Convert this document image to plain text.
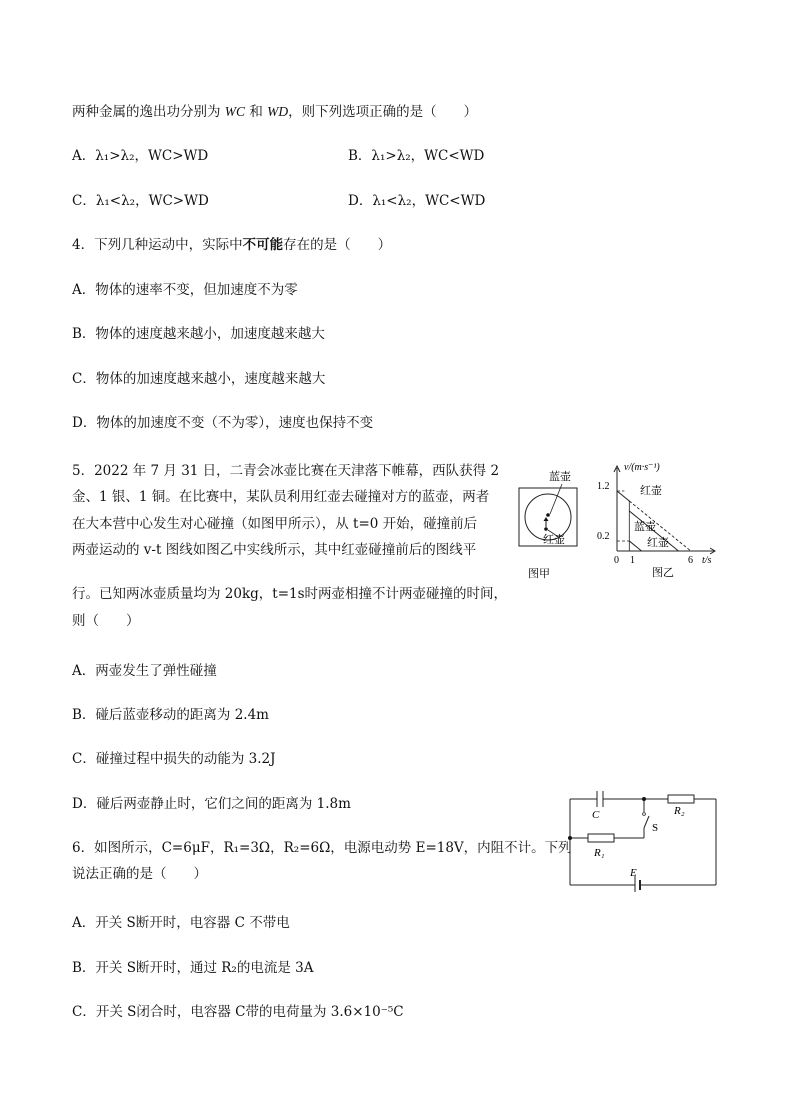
两种金属的逸出功分别为 WC 和 WD，则下列选项正确的是（　　）
A．λ₁>λ₂，WC>WD	B．λ₁>λ₂，WC<WD
C．λ₁<λ₂，WC>WD	D．λ₁<λ₂，WC<WD
4．下列几种运动中，实际中不可能存在的是（　　）
A．物体的速率不变，但加速度不为零
B．物体的速度越来越小，加速度越来越大
C．物体的加速度越来越小，速度越来越大
D．物体的加速度不变（不为零），速度也保持不变
5．2022 年 7 月 31 日，二青会冰壶比赛在天津落下帷幕，西队获得 2
金、1 银、1 铜。在比赛中，某队员利用红壶去碰撞对方的蓝壶，两者
在大本营中心发生对心碰撞（如图甲所示），从 t=0 开始，碰撞前后
两壶运动的 v-t 图线如图乙中实线所示，其中红壶碰撞前后的图线平
行。已知两冰壶质量均为 20kg，t=1s时两壶相撞不计两壶碰撞的时间，
则（　　）
A．两壶发生了弹性碰撞
B．碰后蓝壶移动的距离为 2.4m
C．碰撞过程中损失的动能为 3.2J
D．碰后两壶静止时，它们之间的距离为 1.8m
蓝壶
红壶
图甲
v/(m·s⁻¹)
t/s
1.2
0.2
0 1	6
红壶
蓝壶
红壶
图乙
6．如图所示，C=6μF，R₁=3Ω，R₂=6Ω，电源电动势 E=18V，内阻不计。下列
说法正确的是（　　）
A．开关 S断开时，电容器 C 不带电
B．开关 S断开时，通过 R₂的电流是 3A
C．开关 S闭合时，电容器 C带的电荷量为 3.6×10⁻⁵C
C	R₂
R₁
S
E
